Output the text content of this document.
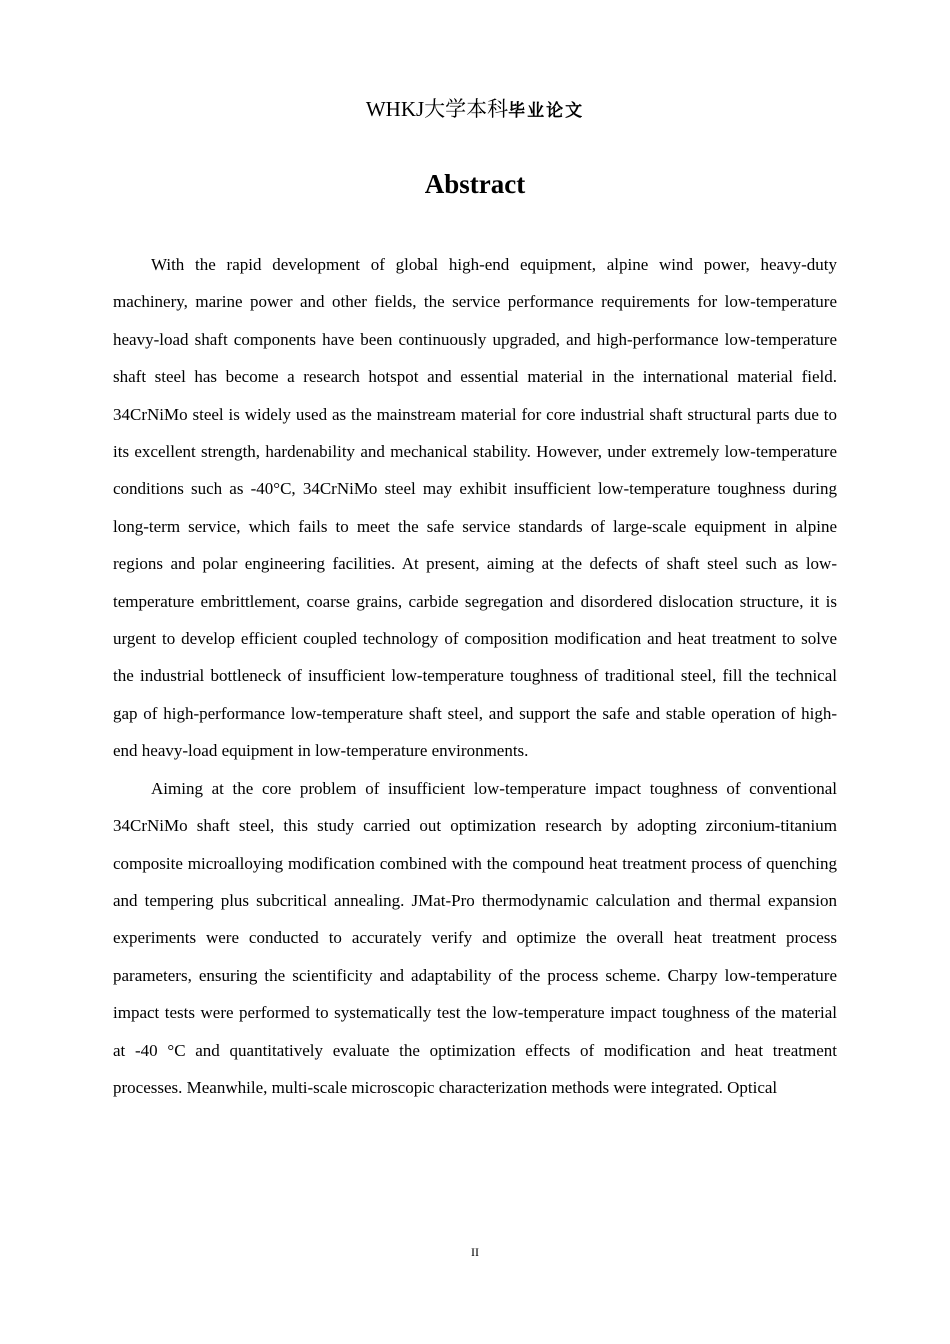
WHKJ大学本科毕业论文
Abstract

With the rapid development of global high-end equipment, alpine wind power, heavy-duty machinery, marine power and other fields, the service performance requirements for low-temperature heavy-load shaft components have been continuously upgraded, and high-performance low-temperature shaft steel has become a research hotspot and essential material in the international material field. 34CrNiMo steel is widely used as the mainstream material for core industrial shaft structural parts due to its excellent strength, hardenability and mechanical stability. However, under extremely low-temperature conditions such as -40°C, 34CrNiMo steel may exhibit insufficient low-temperature toughness during long-term service, which fails to meet the safe service standards of large-scale equipment in alpine regions and polar engineering facilities. At present, aiming at the defects of shaft steel such as low-temperature embrittlement, coarse grains, carbide segregation and disordered dislocation structure, it is urgent to develop efficient coupled technology of composition modification and heat treatment to solve the industrial bottleneck of insufficient low-temperature toughness of traditional steel, fill the technical gap of high-performance low-temperature shaft steel, and support the safe and stable operation of high-end heavy-load equipment in low-temperature environments.

Aiming at the core problem of insufficient low-temperature impact toughness of conventional 34CrNiMo shaft steel, this study carried out optimization research by adopting zirconium-titanium composite microalloying modification combined with the compound heat treatment process of quenching and tempering plus subcritical annealing. JMat-Pro thermodynamic calculation and thermal expansion experiments were conducted to accurately verify and optimize the overall heat treatment process parameters, ensuring the scientificity and adaptability of the process scheme. Charpy low-temperature impact tests were performed to systematically test the low-temperature impact toughness of the material at -40 °C and quantitatively evaluate the optimization effects of modification and heat treatment processes. Meanwhile, multi-scale microscopic characterization methods were integrated. Optical

II
